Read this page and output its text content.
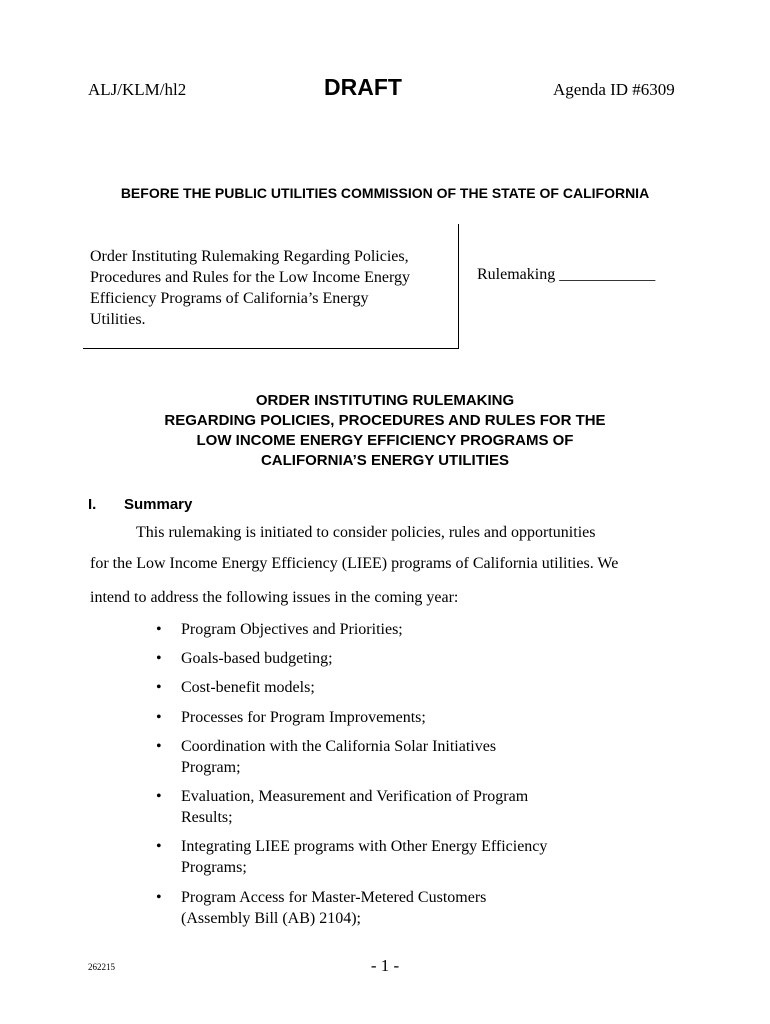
ALJ/KLM/hl2	DRAFT	Agenda ID #6309
BEFORE THE PUBLIC UTILITIES COMMISSION OF THE STATE OF CALIFORNIA
Order Instituting Rulemaking Regarding Policies,
Procedures and Rules for the Low Income Energy
Efficiency Programs of California’s Energy
Utilities.
Rulemaking ____________
ORDER INSTITUTING RULEMAKING
REGARDING POLICIES, PROCEDURES AND RULES FOR THE
LOW INCOME ENERGY EFFICIENCY PROGRAMS OF
CALIFORNIA’S ENERGY UTILITIES
I. Summary
This rulemaking is initiated to consider policies, rules and opportunities
for the Low Income Energy Efficiency (LIEE) programs of California utilities. We
intend to address the following issues in the coming year:
• Program Objectives and Priorities;
• Goals-based budgeting;
• Cost-benefit models;
• Processes for Program Improvements;
• Coordination with the California Solar Initiatives
Program;
• Evaluation, Measurement and Verification of Program
Results;
• Integrating LIEE programs with Other Energy Efficiency
Programs;
• Program Access for Master-Metered Customers
(Assembly Bill (AB) 2104);
262215	- 1 -
